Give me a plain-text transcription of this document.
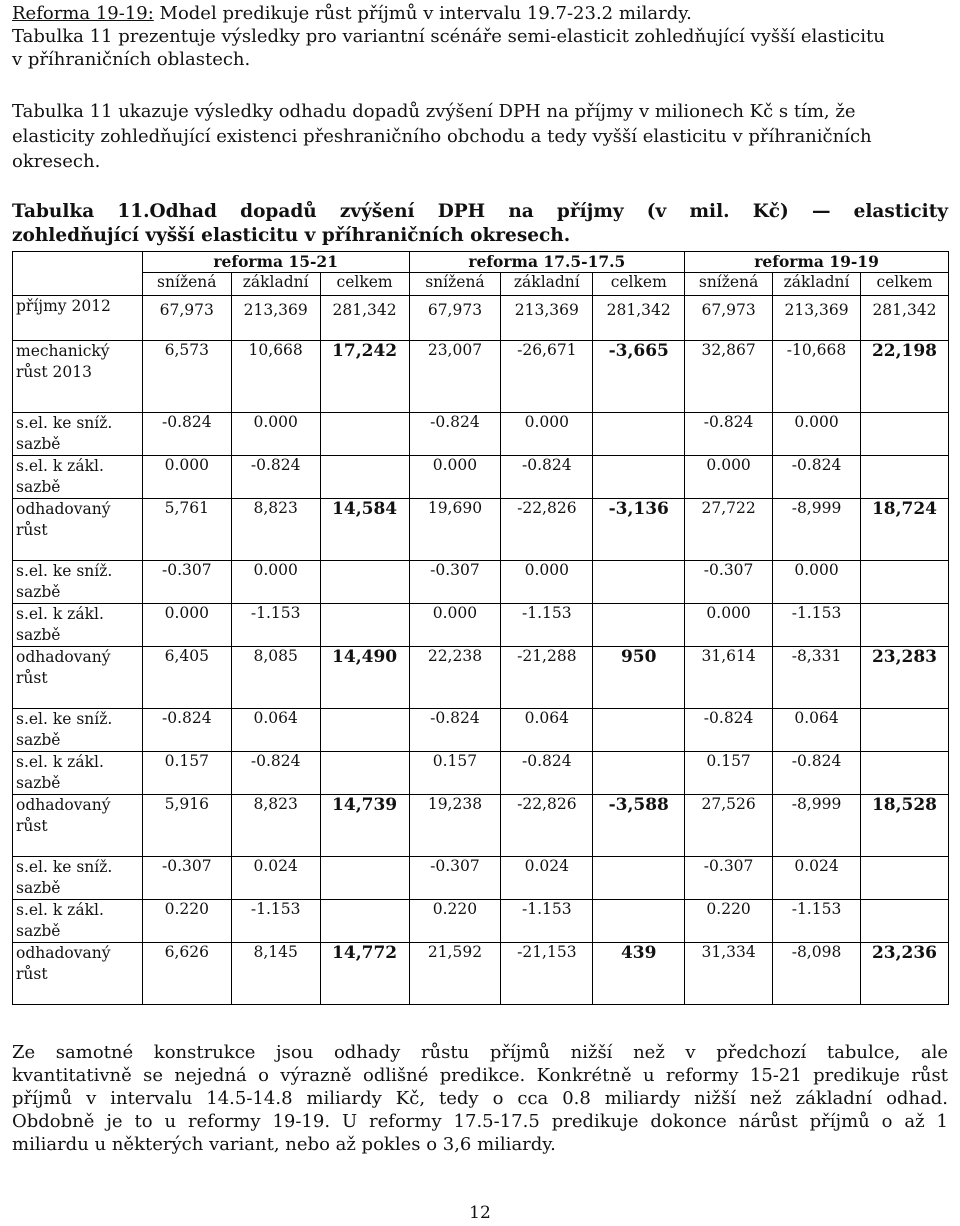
Reforma 19-19: Model predikuje růst příjmů v intervalu 19.7-23.2 milardy.
Tabulka 11 prezentuje výsledky pro variantní scénáře semi-elasticit zohledňující vyšší elasticitu
v příhraničních oblastech.
Tabulka 11 ukazuje výsledky odhadu dopadů zvýšení DPH na příjmy v milionech Kč s tím, že
elasticity zohledňující existenci přeshraničního obchodu a tedy vyšší elasticitu v příhraničních
okresech.
Tabulka 11.Odhad dopadů zvýšení DPH na příjmy (v mil. Kč) — elasticity
zohledňující vyšší elasticitu v příhraničních okresech.
	reforma 15-21			reforma 17.5-17.5			reforma 19-19		
	snížená	základní	celkem	snížená	základní	celkem	snížená	základní	celkem
příjmy 2012	67,973	213,369	281,342	67,973	213,369	281,342	67,973	213,369	281,342
mechanický růst 2013	6,573	10,668	17,242	23,007	-26,671	-3,665	32,867	-10,668	22,198
s.el. ke sníž. sazbě	-0.824	0.000		-0.824	0.000		-0.824	0.000	
s.el. k zákl. sazbě	0.000	-0.824		0.000	-0.824		0.000	-0.824	
odhadovaný růst	5,761	8,823	14,584	19,690	-22,826	-3,136	27,722	-8,999	18,724
s.el. ke sníž. sazbě	-0.307	0.000		-0.307	0.000		-0.307	0.000	
s.el. k zákl. sazbě	0.000	-1.153		0.000	-1.153		0.000	-1.153	
odhadovaný růst	6,405	8,085	14,490	22,238	-21,288	950	31,614	-8,331	23,283
s.el. ke sníž. sazbě	-0.824	0.064		-0.824	0.064		-0.824	0.064	
s.el. k zákl. sazbě	0.157	-0.824		0.157	-0.824		0.157	-0.824	
odhadovaný růst	5,916	8,823	14,739	19,238	-22,826	-3,588	27,526	-8,999	18,528
s.el. ke sníž. sazbě	-0.307	0.024		-0.307	0.024		-0.307	0.024	
s.el. k zákl. sazbě	0.220	-1.153		0.220	-1.153		0.220	-1.153	
odhadovaný růst	6,626	8,145	14,772	21,592	-21,153	439	31,334	-8,098	23,236
Ze samotné konstrukce jsou odhady růstu příjmů nižší než v předchozí tabulce, ale
kvantitativně se nejedná o výrazně odlišné predikce. Konkrétně u reformy 15-21 predikuje růst
příjmů v intervalu 14.5-14.8 miliardy Kč, tedy o cca 0.8 miliardy nižší než základní odhad.
Obdobně je to u reformy 19-19. U reformy 17.5-17.5 predikuje dokonce nárůst příjmů o až 1
miliardu u některých variant, nebo až pokles o 3,6 miliardy.
12
